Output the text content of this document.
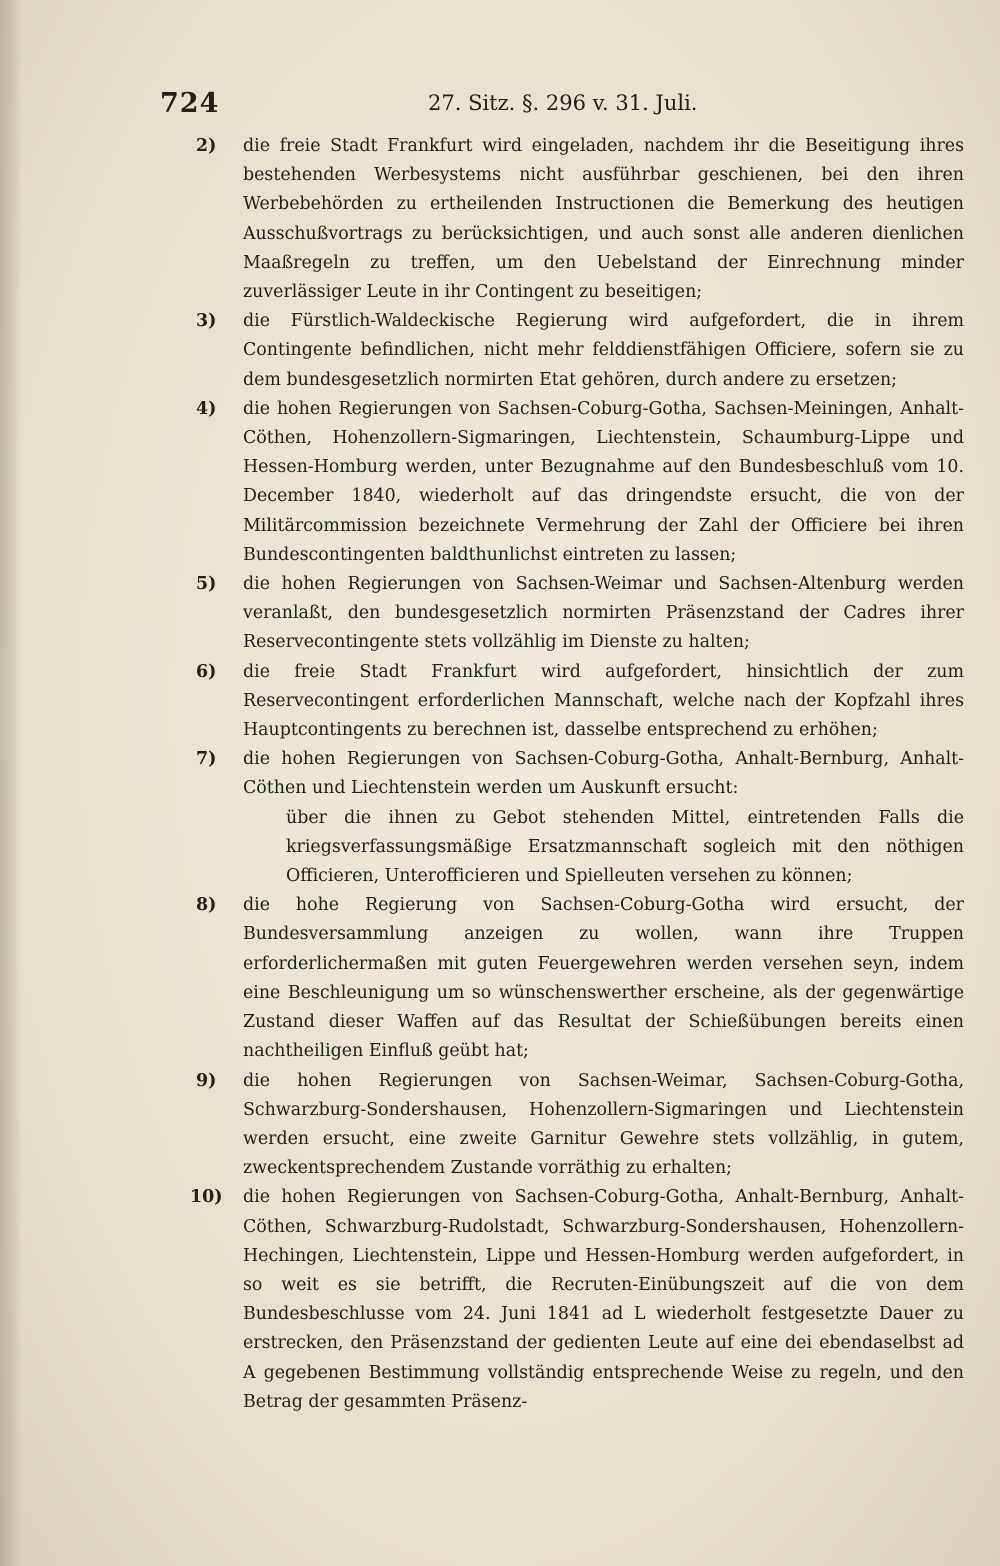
724	27. Sitz. §. 296 v. 31. Juli.
2)	die freie Stadt Frankfurt wird eingeladen, nachdem ihr die Beseitigung ihres bestehenden Werbesystems nicht ausführbar geschienen, bei den ihren Werbebehörden zu ertheilenden Instructionen die Bemerkung des heutigen Ausschußvortrags zu berücksichtigen, und auch sonst alle anderen dienlichen Maaßregeln zu treffen, um den Uebelstand der Einrechnung minder zuverlässiger Leute in ihr Contingent zu beseitigen;
3)	die Fürstlich-Waldeckische Regierung wird aufgefordert, die in ihrem Contingente befindlichen, nicht mehr felddienstfähigen Officiere, sofern sie zu dem bundesgesetzlich normirten Etat gehören, durch andere zu ersetzen;
4)	die hohen Regierungen von Sachsen-Coburg-Gotha, Sachsen-Meiningen, Anhalt-Cöthen, Hohenzollern-Sigmaringen, Liechtenstein, Schaumburg-Lippe und Hessen-Homburg werden, unter Bezugnahme auf den Bundesbeschluß vom 10. December 1840, wiederholt auf das dringendste ersucht, die von der Militärcommission bezeichnete Vermehrung der Zahl der Officiere bei ihren Bundescontingenten baldthunlichst eintreten zu lassen;
5)	die hohen Regierungen von Sachsen-Weimar und Sachsen-Altenburg werden veranlaßt, den bundesgesetzlich normirten Präsenzstand der Cadres ihrer Reservecontingente stets vollzählig im Dienste zu halten;
6)	die freie Stadt Frankfurt wird aufgefordert, hinsichtlich der zum Reservecontingent erforderlichen Mannschaft, welche nach der Kopfzahl ihres Hauptcontingents zu berechnen ist, dasselbe entsprechend zu erhöhen;
7)	die hohen Regierungen von Sachsen-Coburg-Gotha, Anhalt-Bernburg, Anhalt-Cöthen und Liechtenstein werden um Auskunft ersucht:
über die ihnen zu Gebot stehenden Mittel, eintretenden Falls die kriegsverfassungsmäßige Ersatzmannschaft sogleich mit den nöthigen Officieren, Unterofficieren und Spielleuten versehen zu können;
8)	die hohe Regierung von Sachsen-Coburg-Gotha wird ersucht, der Bundesversammlung anzeigen zu wollen, wann ihre Truppen erforderlichermaßen mit guten Feuergewehren werden versehen seyn, indem eine Beschleunigung um so wünschenswerther erscheine, als der gegenwärtige Zustand dieser Waffen auf das Resultat der Schießübungen bereits einen nachtheiligen Einfluß geübt hat;
9)	die hohen Regierungen von Sachsen-Weimar, Sachsen-Coburg-Gotha, Schwarzburg-Sondershausen, Hohenzollern-Sigmaringen und Liechtenstein werden ersucht, eine zweite Garnitur Gewehre stets vollzählig, in gutem, zweckentsprechendem Zustande vorräthig zu erhalten;
10)	die hohen Regierungen von Sachsen-Coburg-Gotha, Anhalt-Bernburg, Anhalt-Cöthen, Schwarzburg-Rudolstadt, Schwarzburg-Sondershausen, Hohenzollern-Hechingen, Liechtenstein, Lippe und Hessen-Homburg werden aufgefordert, in so weit es sie betrifft, die Recruten-Einübungszeit auf die von dem Bundesbeschlusse vom 24. Juni 1841 ad L wiederholt festgesetzte Dauer zu erstrecken, den Präsenzstand der gedienten Leute auf eine dei ebendaselbst ad A gegebenen Bestimmung vollständig entsprechende Weise zu regeln, und den Betrag der gesammten Präsenz-
